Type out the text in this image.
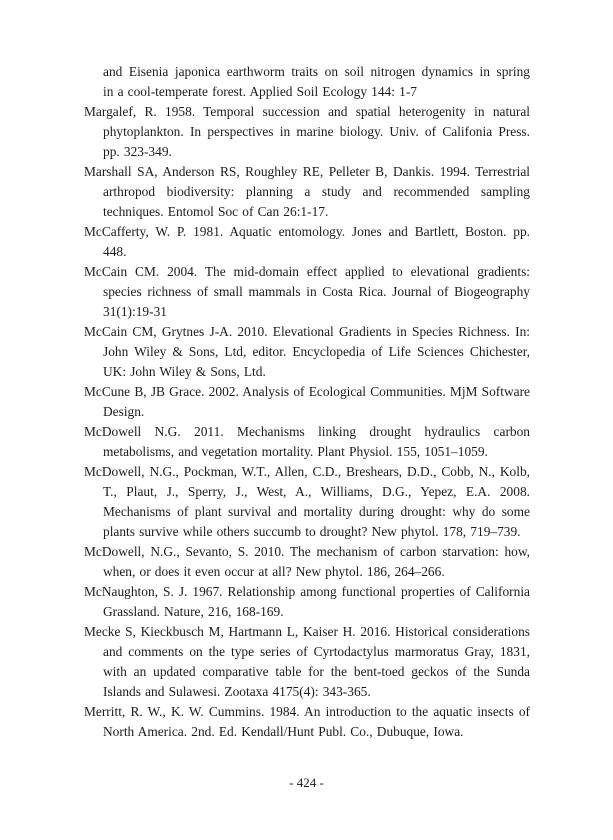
and Eisenia japonica earthworm traits on soil nitrogen dynamics in spring
in a cool-temperate forest. Applied Soil Ecology 144: 1-7
Margalef, R. 1958. Temporal succession and spatial heterogenity in natural
phytoplankton. In perspectives in marine biology. Univ. of Califonia Press.
pp. 323-349.
Marshall SA, Anderson RS, Roughley RE, Pelleter B, Dankis. 1994. Terrestrial
arthropod biodiversity: planning a study and recommended sampling
techniques. Entomol Soc of Can 26:1-17.
McCafferty, W. P. 1981. Aquatic entomology. Jones and Bartlett, Boston. pp.
448.
McCain CM. 2004. The mid-domain effect applied to elevational gradients:
species richness of small mammals in Costa Rica. Journal of Biogeography
31(1):19-31
McCain CM, Grytnes J-A. 2010. Elevational Gradients in Species Richness. In:
John Wiley & Sons, Ltd, editor. Encyclopedia of Life Sciences Chichester,
UK: John Wiley & Sons, Ltd.
McCune B, JB Grace. 2002. Analysis of Ecological Communities. MjM Software
Design.
McDowell N.G. 2011. Mechanisms linking drought hydraulics carbon
metabolisms, and vegetation mortality. Plant Physiol. 155, 1051–1059.
McDowell, N.G., Pockman, W.T., Allen, C.D., Breshears, D.D., Cobb, N., Kolb,
T., Plaut, J., Sperry, J., West, A., Williams, D.G., Yepez, E.A. 2008.
Mechanisms of plant survival and mortality during drought: why do some
plants survive while others succumb to drought? New phytol. 178, 719–739.
McDowell, N.G., Sevanto, S. 2010. The mechanism of carbon starvation: how,
when, or does it even occur at all? New phytol. 186, 264–266.
McNaughton, S. J. 1967. Relationship among functional properties of California
Grassland. Nature, 216, 168-169.
Mecke S, Kieckbusch M, Hartmann L, Kaiser H. 2016. Historical considerations
and comments on the type series of Cyrtodactylus marmoratus Gray, 1831,
with an updated comparative table for the bent-toed geckos of the Sunda
Islands and Sulawesi. Zootaxa 4175(4): 343-365.
Merritt, R. W., K. W. Cummins. 1984. An introduction to the aquatic insects of
North America. 2nd. Ed. Kendall/Hunt Publ. Co., Dubuque, Iowa.
- 424 -
